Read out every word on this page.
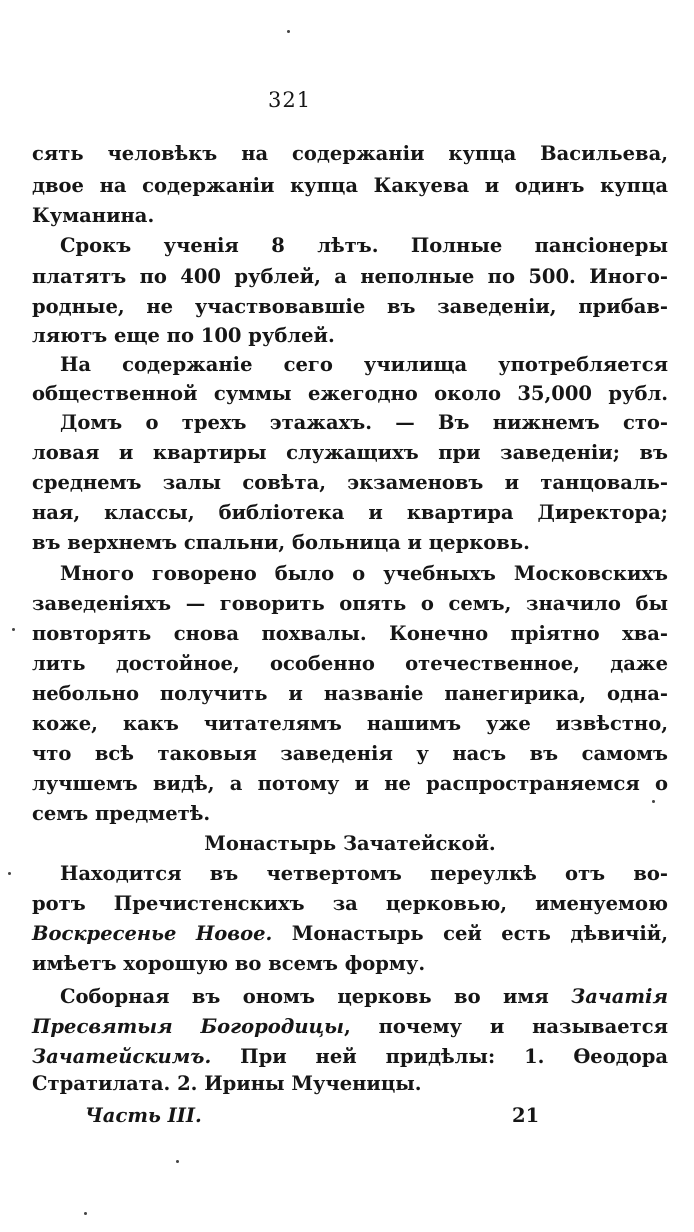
321
сять человѣкъ на содержаніи купца Васильева,
двое на содержаніи купца Какуева и одинъ купца
Куманина.
Срокъ ученія 8 лѣтъ. Полные пансіонеры
платятъ по 400 рублей, а неполные по 500. Иного-
родные, не участвовавшіе въ заведеніи, прибав-
ляютъ еще по 100 рублей.
На содержаніе сего училища употребляется
общественной суммы ежегодно около 35,000 рубл.
Домъ о трехъ этажахъ. — Въ нижнемъ сто-
ловая и квартиры служащихъ при заведеніи; въ
среднемъ залы совѣта, экзаменовъ и танцоваль-
ная, классы, библіотека и квартира Директора;
въ верхнемъ спальни, больница и церковь.
Много говорено было о учебныхъ Московскихъ
заведеніяхъ — говорить опять о семъ, значило бы
повторять снова похвалы. Конечно пріятно хва-
лить достойное, особенно отечественное, даже
небольно получить и названіе панегирика, одна-
коже, какъ читателямъ нашимъ уже извѣстно,
что всѣ таковыя заведенія у насъ въ самомъ
лучшемъ видѣ, а потому и не распространяемся о
семъ предметѣ.
Монастырь Зачатейской.
Находится въ четвертомъ переулкѣ отъ во-
ротъ Пречистенскихъ за церковью, именуемою
Воскресенье Новое. Монастырь сей есть дѣвичій,
имѣетъ хорошую во всемъ форму.
Соборная въ ономъ церковь во имя Зачатія
Пресвятыя Богородицы, почему и называется
Зачатейскимъ. При ней придѣлы: 1. Ѳеодора
Стратилата. 2. Ирины Мученицы.
Часть III.	21
